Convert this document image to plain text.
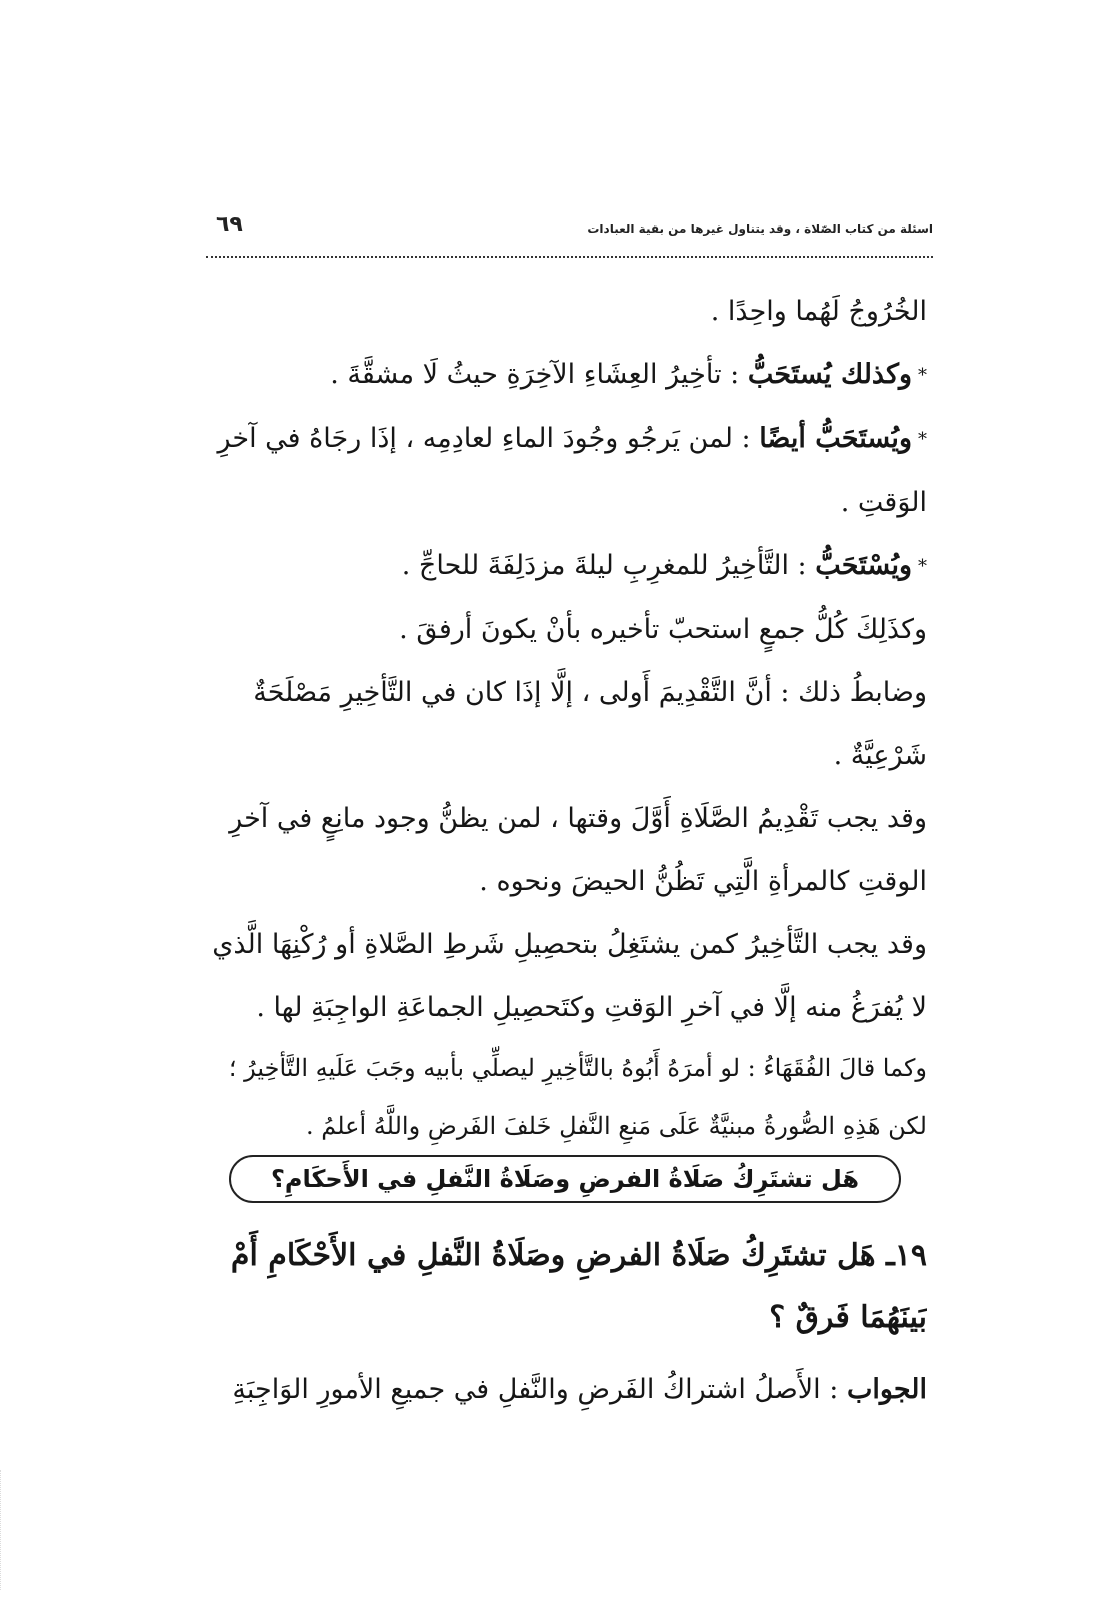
اسئلة من كتاب الصّلاة ، وقد يتناول غيرها من بقية العبادات
٦٩
الخُرُوجُ لَهُما واحِدًا .
*وكذلك يُستَحَبُّ : تأخِيرُ العِشَاءِ الآخِرَةِ حيثُ لَا مشقَّةَ .
*ويُستَحَبُّ أيضًا : لمن يَرجُو وجُودَ الماءِ لعادِمِه ، إذَا رجَاهُ في آخرِ
الوَقتِ .
*ويُسْتَحَبُّ : التَّأخِيرُ للمغرِبِ ليلةَ مزدَلِفَةَ للحاجِّ .
وكذَلِكَ كُلُّ جمعٍ استحبّ تأخيره بأنْ يكونَ أرفقَ .
وضابطُ ذلك : أنَّ التَّقْدِيمَ أَولى ، إلَّا إذَا كان في التَّأخِيرِ مَصْلَحَةٌ
شَرْعِيَّةٌ .
وقد يجب تَقْدِيمُ الصَّلَاةِ أَوَّلَ وقتها ، لمن يظنُّ وجود مانِعٍ في آخرِ
الوقتِ كالمرأةِ الَّتِي تَظُنُّ الحيضَ ونحوه .
وقد يجب التَّأخِيرُ كمن يشتَغِلُ بتحصِيلِ شَرطِ الصَّلاةِ أو رُكْنِهَا الَّذي
لا يُفرَغُ منه إلَّا في آخرِ الوَقتِ وكتَحصِيلِ الجماعَةِ الواجِبَةِ لها .
وكما قالَ الفُقَهَاءُ : لو أمرَهُ أَبُوهُ بالتَّأخِيرِ ليصلِّي بأبيه وجَبَ عَلَيهِ التَّأخِيرُ ؛
لكن هَذِهِ الصُّورةُ مبنيَّةٌ عَلَى مَنعِ النَّفلِ خَلفَ الفَرضِ واللَّهُ أعلمُ .
هَل تشتَرِكُ صَلَاةُ الفرضِ وصَلَاةُ النَّفلِ في الأَحكَامِ؟
١٩ـ هَل تشتَرِكُ صَلَاةُ الفرضِ وصَلَاةُ النَّفلِ في الأَحْكَامِ أَمْ
بَينَهُمَا فَرقٌ ؟
الجواب : الأَصلُ اشتراكُ الفَرضِ والنَّفلِ في جميعِ الأمورِ الوَاجِبَةِ
